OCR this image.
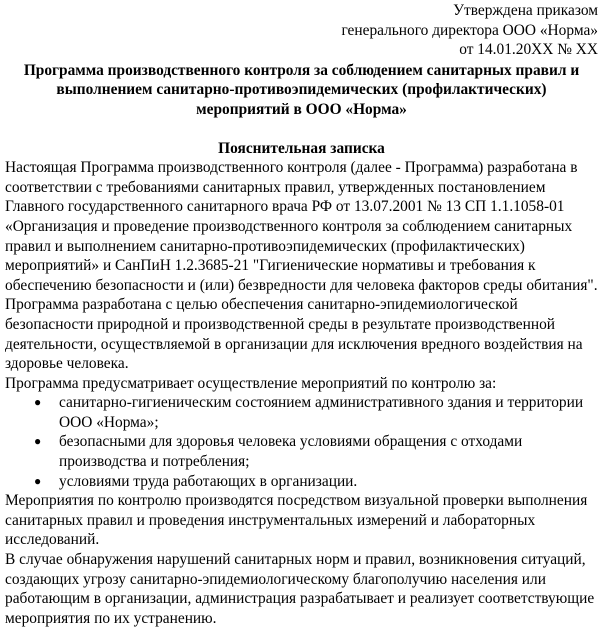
Утверждена приказом
генерального директора ООО «Норма»
от 14.01.20XX № XX
Программа производственного контроля за соблюдением санитарных правил и
выполнением санитарно-противоэпидемических (профилактических)
мероприятий в ООО «Норма»
Пояснительная записка

Настоящая Программа производственного контроля (далее - Программа) разработана в соответствии с требованиями санитарных правил, утвержденных постановлением Главного государственного санитарного врача РФ от 13.07.2001 № 13 СП 1.1.1058-01 «Организация и проведение производственного контроля за соблюдением санитарных правил и выполнением санитарно-противоэпидемических (профилактических) мероприятий» и СанПиН 1.2.3685-21 "Гигиенические нормативы и требования к обеспечению безопасности и (или) безвредности для человека факторов среды обитания".

Программа разработана с целью обеспечения санитарно-эпидемиологической безопасности природной и производственной среды в результате производственной деятельности, осуществляемой в организации для исключения вредного воздействия на здоровье человека.

Программа предусматривает осуществление мероприятий по контролю за:

● санитарно-гигиеническим состоянием административного здания и территории ООО «Норма»;
● безопасными для здоровья человека условиями обращения с отходами производства и потребления;
● условиями труда работающих в организации.

Мероприятия по контролю производятся посредством визуальной проверки выполнения санитарных правил и проведения инструментальных измерений и лабораторных исследований.

В случае обнаружения нарушений санитарных норм и правил, возникновения ситуаций, создающих угрозу санитарно-эпидемиологическому благополучию населения или работающим в организации, администрация разрабатывает и реализует соответствующие мероприятия по их устранению.
